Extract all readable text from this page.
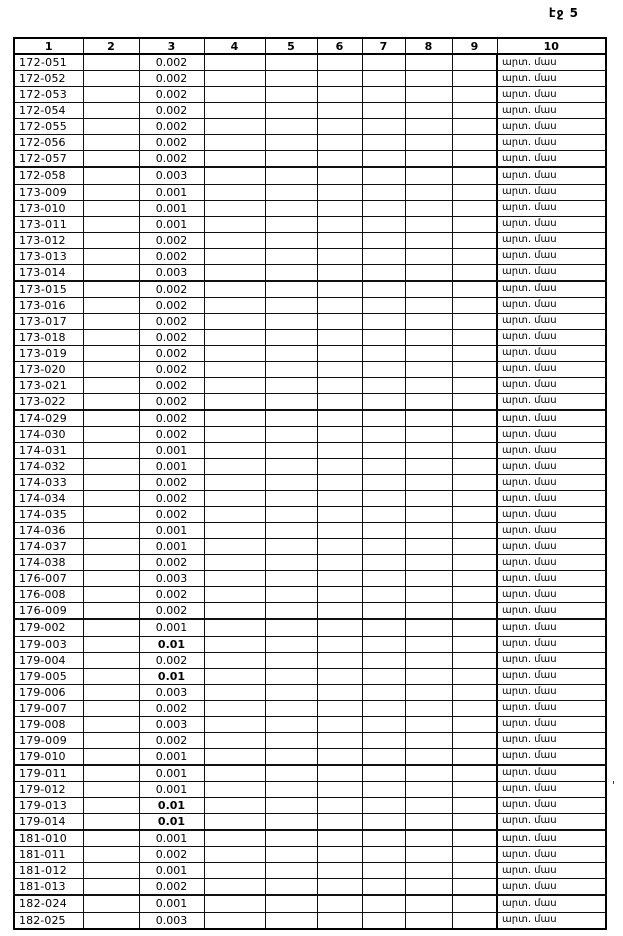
էջ 5
1	2	3	4	5	6	7	8	9	10
172-051		0.002							արտ. մաս
172-052		0.002							արտ. մաս
172-053		0.002							արտ. մաս
172-054		0.002							արտ. մաս
172-055		0.002							արտ. մաս
172-056		0.002							արտ. մաս
172-057		0.002							արտ. մաս
172-058		0.003							արտ. մաս
173-009		0.001							արտ. մաս
173-010		0.001							արտ. մաս
173-011		0.001							արտ. մաս
173-012		0.002							արտ. մաս
173-013		0.002							արտ. մաս
173-014		0.003							արտ. մաս
173-015		0.002							արտ. մաս
173-016		0.002							արտ. մաս
173-017		0.002							արտ. մաս
173-018		0.002							արտ. մաս
173-019		0.002							արտ. մաս
173-020		0.002							արտ. մաս
173-021		0.002							արտ. մաս
173-022		0.002							արտ. մաս
174-029		0.002							արտ. մաս
174-030		0.002							արտ. մաս
174-031		0.001							արտ. մաս
174-032		0.001							արտ. մաս
174-033		0.002							արտ. մաս
174-034		0.002							արտ. մաս
174-035		0.002							արտ. մաս
174-036		0.001							արտ. մաս
174-037		0.001							արտ. մաս
174-038		0.002							արտ. մաս
176-007		0.003							արտ. մաս
176-008		0.002							արտ. մաս
176-009		0.002							արտ. մաս
179-002		0.001							արտ. մաս
179-003		0.01							արտ. մաս
179-004		0.002							արտ. մաս
179-005		0.01							արտ. մաս
179-006		0.003							արտ. մաս
179-007		0.002							արտ. մաս
179-008		0.003							արտ. մաս
179-009		0.002							արտ. մաս
179-010		0.001							արտ. մաս
179-011		0.001							արտ. մաս
179-012		0.001							արտ. մաս
179-013		0.01							արտ. մաս
179-014		0.01							արտ. մաս
181-010		0.001							արտ. մաս
181-011		0.002							արտ. մաս
181-012		0.001							արտ. մաս
181-013		0.002							արտ. մաս
182-024		0.001							արտ. մաս
182-025		0.003							արտ. մաս
'
